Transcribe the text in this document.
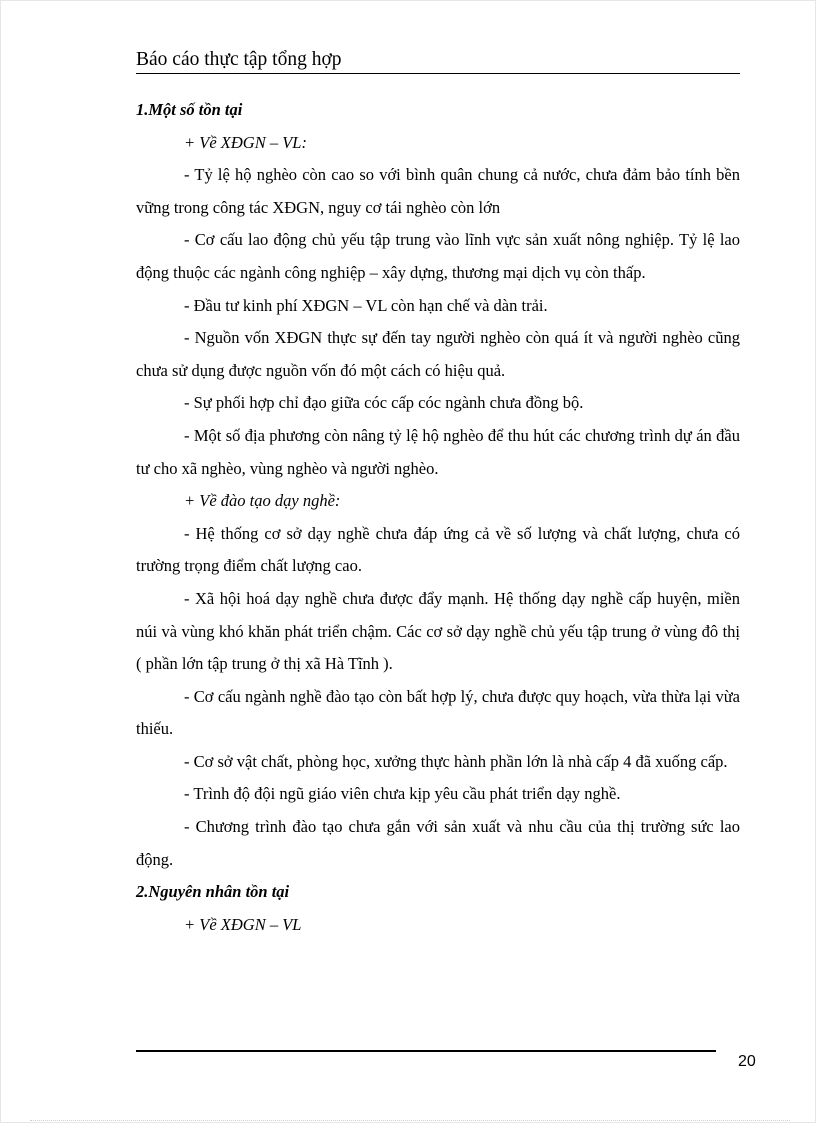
Báo cáo thực tập tổng hợp

1.Một số tồn tại

+ Về XĐGN – VL:

- Tỷ lệ hộ nghèo còn cao so với bình quân chung cả nước, chưa đảm bảo tính bền vững trong công tác XĐGN, nguy cơ tái nghèo còn lớn

- Cơ cấu lao động chủ yếu tập trung vào lĩnh vực sản xuất nông nghiệp. Tỷ lệ lao động thuộc các ngành công nghiệp – xây dựng, thương mại dịch vụ còn thấp.

- Đầu tư kinh phí XĐGN – VL còn hạn chế và dàn trải.

- Nguồn vốn XĐGN thực sự đến tay người nghèo còn quá ít và người nghèo cũng chưa sử dụng được nguồn vốn đó một cách có hiệu quả.

- Sự phối hợp chỉ đạo giữa cóc cấp cóc ngành chưa đồng bộ.

- Một số địa phương còn nâng tỷ lệ hộ nghèo để thu hút các chương trình dự án đầu tư cho xã nghèo, vùng nghèo và người nghèo.

+ Về đào tạo dạy nghề:

- Hệ thống cơ sở dạy nghề chưa đáp ứng cả về số lượng và chất lượng, chưa có trường trọng điểm chất lượng cao.

- Xã hội hoá dạy nghề chưa được đẩy mạnh. Hệ thống dạy nghề cấp huyện, miền núi và vùng khó khăn phát triển chậm. Các cơ sở dạy nghề chủ yếu tập trung ở vùng đô thị ( phần lớn tập trung ở thị xã Hà Tĩnh ).

- Cơ cấu ngành nghề đào tạo còn bất hợp lý, chưa được quy hoạch, vừa thừa lại vừa thiếu.

- Cơ sở vật chất, phòng học, xưởng thực hành phần lớn là nhà cấp 4 đã xuống cấp.

- Trình độ đội ngũ giáo viên chưa kịp yêu cầu phát triển dạy nghề.

- Chương trình đào tạo chưa gắn với sản xuất và nhu cầu của thị trường sức lao động.

2.Nguyên nhân tồn tại

+ Về XĐGN – VL

20
